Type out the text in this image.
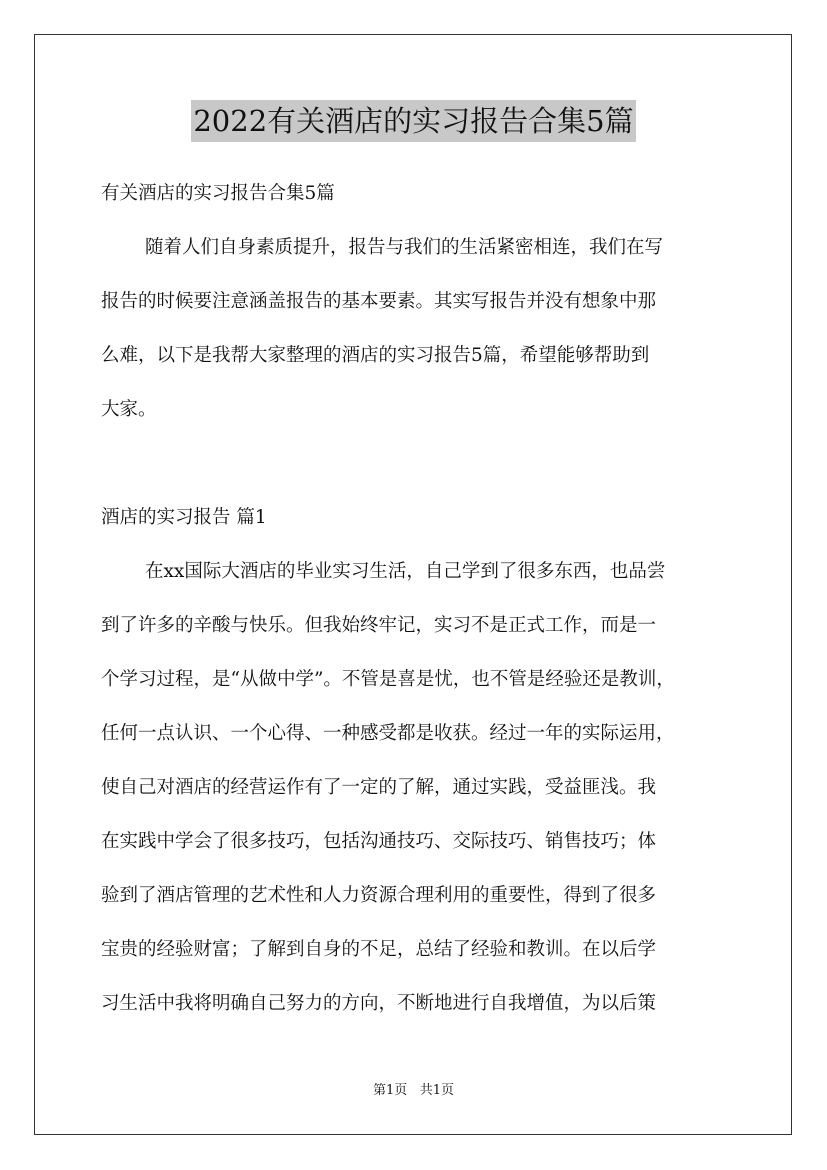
2022有关酒店的实习报告合集5篇
有关酒店的实习报告合集5篇
随着人们自身素质提升，报告与我们的生活紧密相连，我们在写
报告的时候要注意涵盖报告的基本要素。其实写报告并没有想象中那
么难，以下是我帮大家整理的酒店的实习报告5篇，希望能够帮助到
大家。
酒店的实习报告 篇1
在xx国际大酒店的毕业实习生活，自己学到了很多东西，也品尝
到了许多的辛酸与快乐。但我始终牢记，实习不是正式工作，而是一
个学习过程，是“从做中学”。不管是喜是忧，也不管是经验还是教训，
任何一点认识、一个心得、一种感受都是收获。经过一年的实际运用，
使自己对酒店的经营运作有了一定的了解，通过实践，受益匪浅。我
在实践中学会了很多技巧，包括沟通技巧、交际技巧、销售技巧；体
验到了酒店管理的艺术性和人力资源合理利用的重要性，得到了很多
宝贵的经验财富；了解到自身的不足，总结了经验和教训。在以后学
习生活中我将明确自己努力的方向，不断地进行自我增值，为以后策
第1页 共1页
